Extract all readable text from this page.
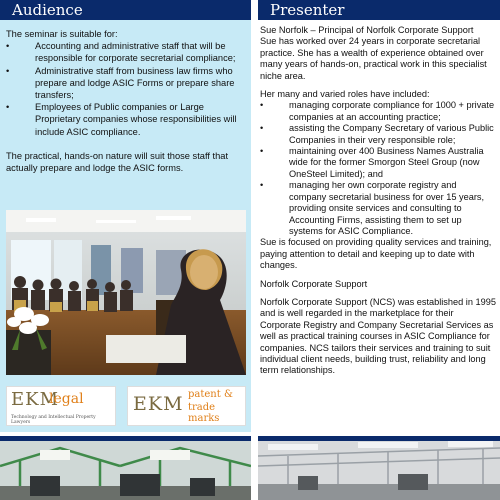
Audience
The seminar is suitable for:
•	Accounting and administrative staff that will be responsible for corporate secretarial compliance;
•	Administrative staff from business law firms who prepare and lodge ASIC Forms or prepare share transfers;
•	Employees of Public companies or Large Proprietary companies whose responsibilities will include ASIC compliance.
The practical, hands-on nature will suit those staff that actually prepare and lodge the ASIC forms.
EKM
legal
Technology and Intellectual Property Lawyers
EKM patent &
trade marks
Presenter

Sue Norfolk – Principal of Norfolk Corporate Support

Sue has worked over 24 years in corporate secretarial practice. She has a wealth of experience obtained over many years of hands-on, practical work in this specialist niche area.

Her many and varied roles have included:

•	managing corporate compliance for 1000 + private companies at an accounting practice;
•	assisting the Company Secretary of various Public Companies in their very responsible role;
•	maintaining over 400 Business Names Australia wide for the former Smorgon Steel Group (now OneSteel Limited); and
•	managing her own corporate registry and company secretarial business for over 15 years, providing onsite services and consulting to Accounting Firms, assisting them to set up systems for ASIC Compliance.

Sue is focused on providing quality services and training, paying attention to detail and keeping up to date with changes.

Norfolk Corporate Support

Norfolk Corporate Support (NCS) was established in 1995 and is well regarded in the marketplace for their Corporate Registry and Company Secretarial Services as well as practical training courses in ASIC Compliance for companies. NCS tailors their services and training to suit individual client needs, building trust, reliability and long term relationships.
